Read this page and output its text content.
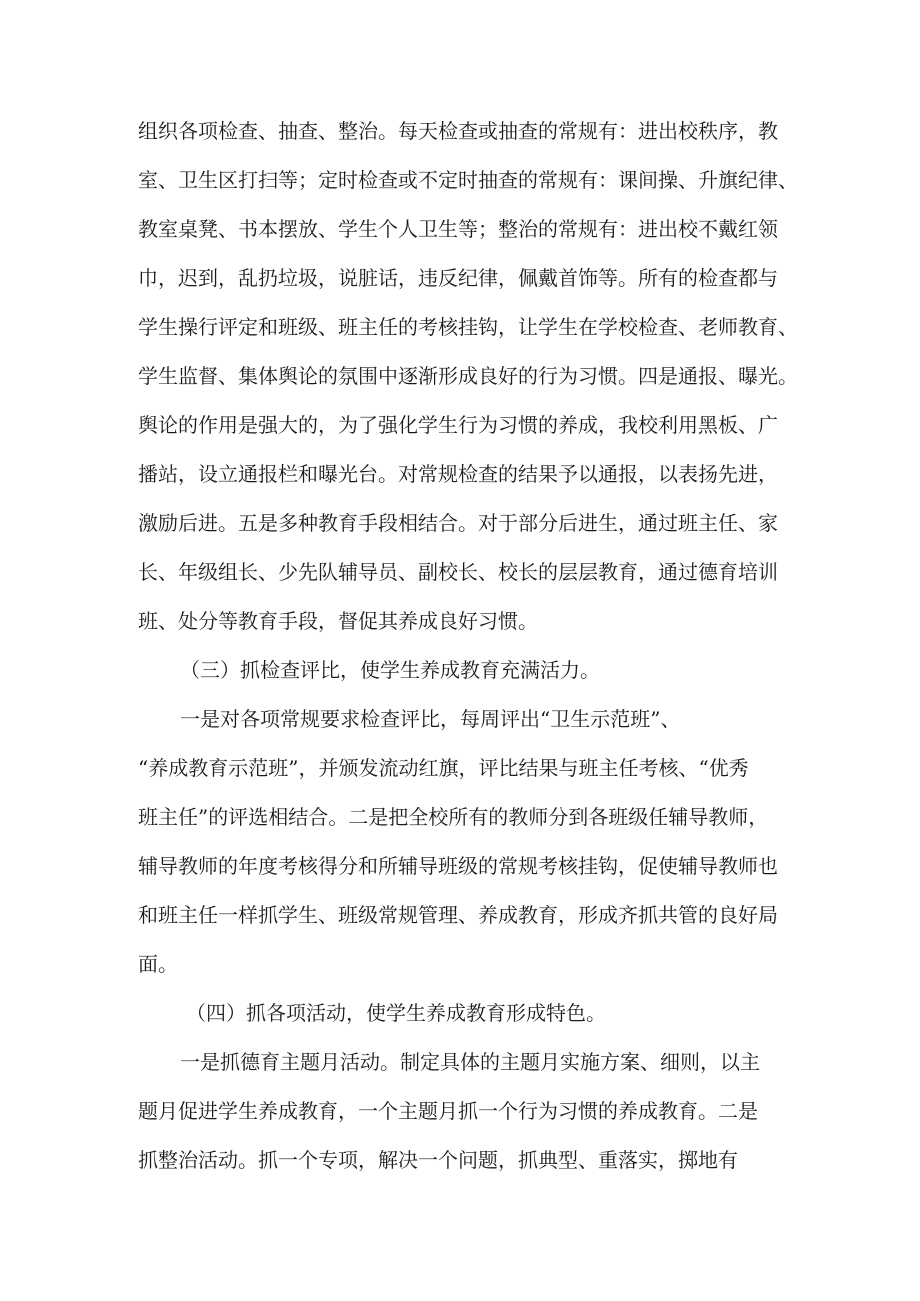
组织各项检查、抽查、整治。每天检查或抽查的常规有：进出校秩序，教
室、卫生区打扫等；定时检查或不定时抽查的常规有：课间操、升旗纪律、
教室桌凳、书本摆放、学生个人卫生等；整治的常规有：进出校不戴红领
巾，迟到，乱扔垃圾，说脏话，违反纪律，佩戴首饰等。所有的检查都与
学生操行评定和班级、班主任的考核挂钩，让学生在学校检查、老师教育、
学生监督、集体舆论的氛围中逐渐形成良好的行为习惯。四是通报、曝光。
舆论的作用是强大的，为了强化学生行为习惯的养成，我校利用黑板、广
播站，设立通报栏和曝光台。对常规检查的结果予以通报，以表扬先进，
激励后进。五是多种教育手段相结合。对于部分后进生，通过班主任、家
长、年级组长、少先队辅导员、副校长、校长的层层教育，通过德育培训
班、处分等教育手段，督促其养成良好习惯。
（三）抓检查评比，使学生养成教育充满活力。
一是对各项常规要求检查评比，每周评出“卫生示范班”、
“养成教育示范班”，并颁发流动红旗，评比结果与班主任考核、“优秀
班主任”的评选相结合。二是把全校所有的教师分到各班级任辅导教师，
辅导教师的年度考核得分和所辅导班级的常规考核挂钩，促使辅导教师也
和班主任一样抓学生、班级常规管理、养成教育，形成齐抓共管的良好局
面。
（四）抓各项活动，使学生养成教育形成特色。
一是抓德育主题月活动。制定具体的主题月实施方案、细则，以主
题月促进学生养成教育，一个主题月抓一个行为习惯的养成教育。二是
抓整治活动。抓一个专项，解决一个问题，抓典型、重落实，掷地有
